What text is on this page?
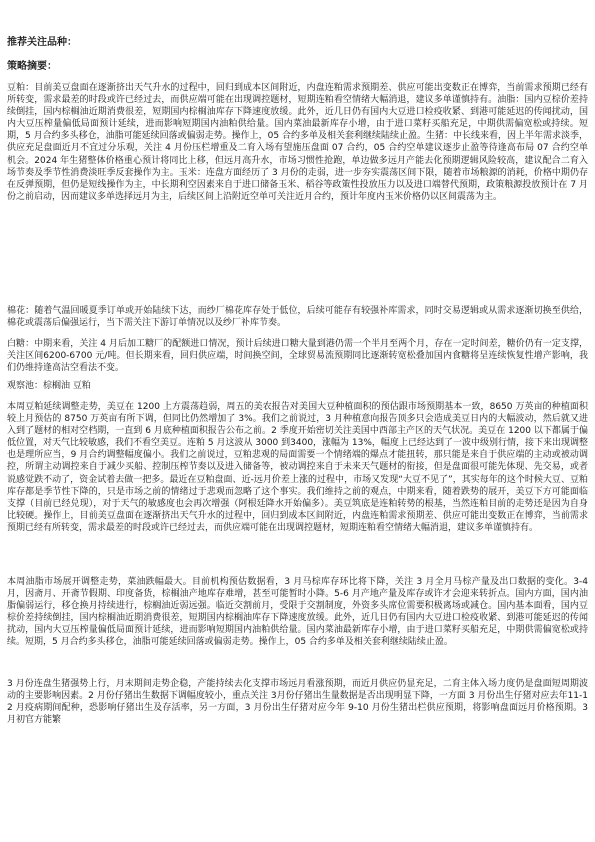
推荐关注品种：

策略摘要：

豆粕：目前美豆盘面在逐渐挤出天气升水的过程中，回归到成本区间附近，内盘连粕需求预期差、供应可能出变数正在博弈，当前需求预期已经有所转变，需求最差的时段或许已经过去，而供应端可能在出现调控题材，短期连粕看空情绪大幅消退，建议多单谨慎持有。油脂：国内豆棕价差持续倒挂，国内棕榈油近期消费很差，短期国内棕榈油库存下降速度放缓。此外，近几日仍有国内大豆进口检疫收紧、到港可能延迟的传闻扰动，国内大豆压榨量偏低局面预计延续，进而影响短期国内油粕供给量。国内菜油最新库存小增，由于进口菜籽买船充足，中期供需偏宽松或持续。短期，5 月合约多头移仓，油脂可能延续回落或偏弱走势。操作上，05 合约多单及相关套利继续陆续止盈。生猪：中长线来看，因上半年需求淡季，供应充足盘面近月不宜过分乐观，关注 4 月份压栏增重及二育入场有望施压盘面 07 合约，05 合约空单建议逐步止盈等待逢高布局 07 合约空单机会。2024 年生猪整体价格重心预计将同比上移，但远月高升水，市场习惯性抢跑，单边做多远月产能去化预期逻辑风险较高，建议配合二育入场节奏及季节性消费淡旺季反套操作为主。玉米：连盘方面经历了 3 月份的走弱，进一步夯实震荡区间下限，随着市场粮源的消耗，价格中期仍存在反弹预期，但仍是短线操作为主，中长期利空因素来自于进口储备玉米、稻谷等政策性投放压力以及进口端替代预期，政策粮源投放预计在 7 月份之前启动，因而建议多单选择远月为主，后续区间上沿附近空单可关注近月合约，预计年度内玉米价格仍以区间震荡为主。

棉花：随着气温回暖夏季订单或开始陆续下达，而纱厂棉花库存处于低位，后续可能存有较强补库需求，同时交易逻辑或从需求逐渐切换至供给，棉花或震荡后偏强运行，当下需关注下游订单情况以及纱厂补库节奏。

白糖：中期来看，关注 4 月后加工糖厂的配额进口情况，预计后续进口糖大量到港仍需一个半月至两个月，存在一定时间差，糖价仍有一定支撑，关注区间6200-6700 元/吨。但长期来看，回归供应端，时间换空间，全球贸易流预期同比逐渐转宽松叠加国内食糖将呈连续恢复性增产影响，我们仍维持逢高沽空看法不变。

观察池：棕榈油 豆粕

本周豆粕延续调整走势，美豆在 1200 上方震荡趋弱，周五的美农报告对美国大豆种植面积的预估跟市场预期基本一致，8650 万英亩的种植面积较上月预估的 8750 万英亩有所下调，但同比仍然增加了 3%。我们之前说过，3 月种植意向报告顶多只会造成美豆日内的大幅波动，然后就又进入到了题材的相对空档期，一直到 6 月底种植面积报告公布之前。2 季度开始密切关注美国中西部主产区的天气状况。美豆在 1200 以下都属于偏低位置，对天气比较敏感，我们不看空美豆。连粕 5 月这波从 3000 到3400，涨幅为 13%，幅度上已经达到了一波中级别行情，接下来出现调整也是理所应当，9 月合约调整幅度偏小。我们之前说过，豆粕悲观的局面需要一个情绪端的爆点才能扭转，那只能是来自于供应端的主动或被动调控，所谓主动调控来自于减少买船、控制压榨节奏以及进入储备等，被动调控来自于未来天气题材的衔接，但是盘面很可能先体现、先交易，或者说感觉跌不动了，资金试着去做一把多。最近在豆粕盘面、近-远月价差上涨的过程中，市场又发现“大豆不见了”，其实每年的这个时候大豆、豆粕库存都是季节性下降的，只是市场之前的情绪过于悲观而忽略了这个事实。我们维持之前的观点，中期来看，随着跌势的展开，美豆下方可能面临支撑（目前已经兑现），对于天气的敏感度也会再次增强（阿根廷降水开始偏多）。美豆筑底是连粕转势的根基，当然连粕目前的走势还是因为自身比较硬。操作上，目前美豆盘面在逐渐挤出天气升水的过程中，回归到成本区间附近，内盘连粕需求预期差、供应可能出变数正在博弈，当前需求预期已经有所转变，需求最差的时段或许已经过去，而供应端可能在出现调控题材，短期连粕看空情绪大幅消退，建议多单谨慎持有。

本周油脂市场展开调整走势，菜油跌幅最大。目前机构预估数据看，3 月马棕库存环比将下降，关注 3 月全月马棕产量及出口数据的变化。3-4 月，因斋月、开斋节假期、印度备货，棕榈油产地库存难增，甚至可能暂时小降。5-6 月产地产量及库存或许才会迎来转折点。国内方面，国内油脂偏弱运行，移仓换月持续进行，棕榈油近弱远强。临近交割前月，受限于交割制度，外资多头席位需要积极离场或减仓。国内基本面看，国内豆棕价差持续倒挂，国内棕榈油近期消费很差，短期国内棕榈油库存下降速度放缓。此外，近几日仍有国内大豆进口检疫收紧、到港可能延迟的传闻扰动，国内大豆压榨量偏低局面预计延续，进而影响短期国内油粕供给量。国内菜油最新库存小增，由于进口菜籽买船充足，中期供需偏宽松或持续。短期，5 月合约多头移仓，油脂可能延续回落或偏弱走势。操作上，05 合约多单及相关套利继续陆续止盈。

3 月份连盘生猪强势上行，月末期间走势企稳，产能持续去化支撑市场远月看涨预期，而近月供应仍显充足，二育主体入场力度仍是盘面短周期波动的主要影响因素。2 月份仔猪出生数据下调幅度较小，重点关注 3月份仔猪出生量数据是否出现明显下降，一方面 3 月份出生仔猪对应去年11-12 月疫病期间配种，恐影响仔猪出生及存活率，另一方面，3 月份出生仔猪对应今年 9-10 月份生猪出栏供应预期，将影响盘面远月价格预期。3 月初官方能繁
